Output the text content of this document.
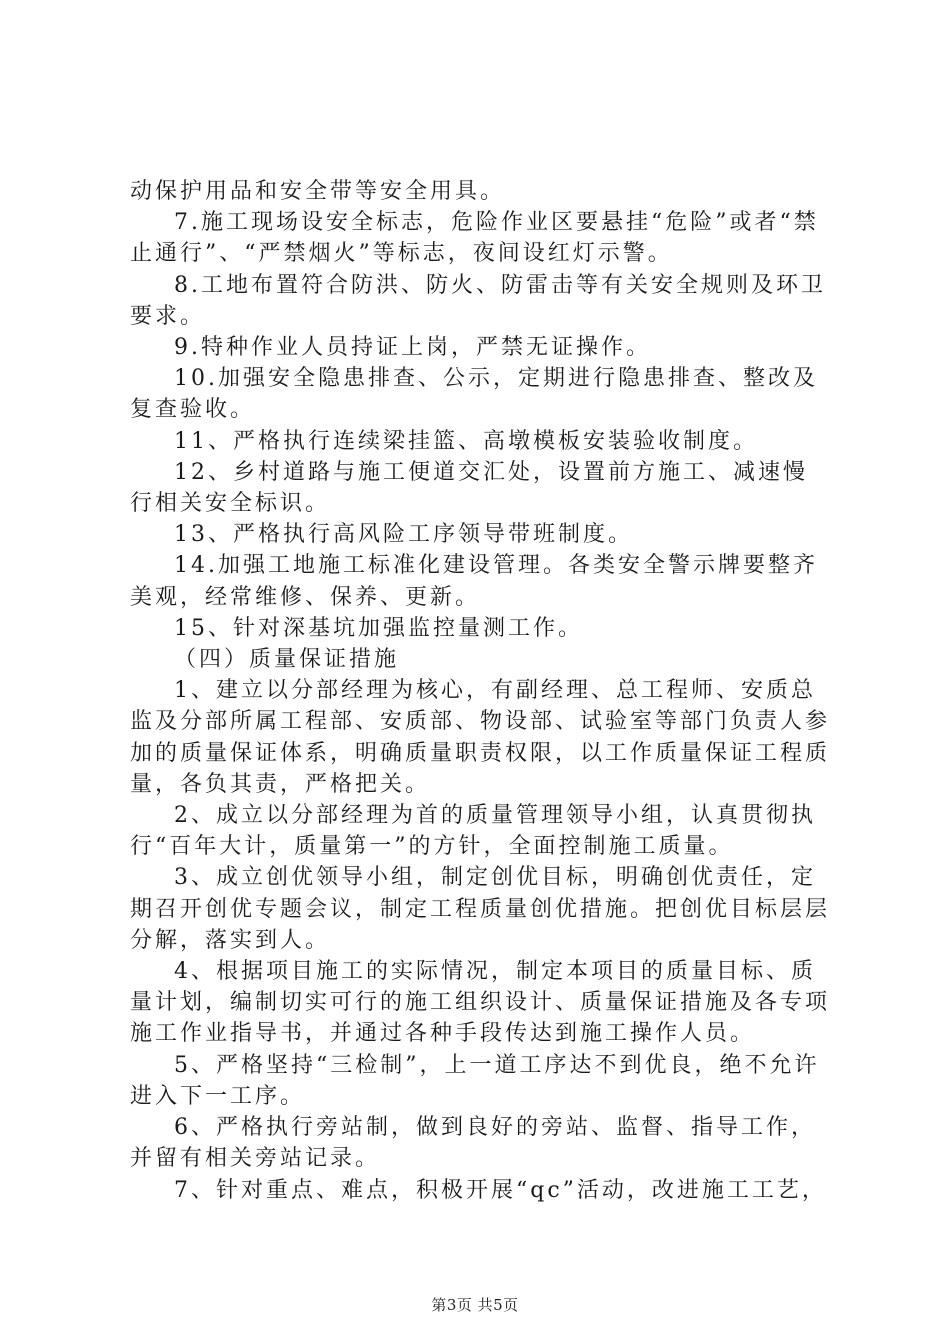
动保护用品和安全带等安全用具。

7.施工现场设安全标志，危险作业区要悬挂“危险”或者“禁止通行”、“严禁烟火”等标志，夜间设红灯示警。

8.工地布置符合防洪、防火、防雷击等有关安全规则及环卫要求。

9.特种作业人员持证上岗，严禁无证操作。

10.加强安全隐患排查、公示，定期进行隐患排查、整改及复查验收。

11、严格执行连续梁挂篮、高墩模板安装验收制度。

12、乡村道路与施工便道交汇处，设置前方施工、减速慢行相关安全标识。

13、严格执行高风险工序领导带班制度。

14.加强工地施工标准化建设管理。各类安全警示牌要整齐美观，经常维修、保养、更新。

15、针对深基坑加强监控量测工作。

（四）质量保证措施

1、建立以分部经理为核心，有副经理、总工程师、安质总监及分部所属工程部、安质部、物设部、试验室等部门负责人参加的质量保证体系，明确质量职责权限，以工作质量保证工程质量，各负其责，严格把关。

2、成立以分部经理为首的质量管理领导小组，认真贯彻执行“百年大计，质量第一”的方针，全面控制施工质量。

3、成立创优领导小组，制定创优目标，明确创优责任，定期召开创优专题会议，制定工程质量创优措施。把创优目标层层分解，落实到人。

4、根据项目施工的实际情况，制定本项目的质量目标、质量计划，编制切实可行的施工组织设计、质量保证措施及各专项施工作业指导书，并通过各种手段传达到施工操作人员。

5、严格坚持“三检制”，上一道工序达不到优良，绝不允许进入下一工序。

6、严格执行旁站制，做到良好的旁站、监督、指导工作，并留有相关旁站记录。

7、针对重点、难点，积极开展“qc”活动，改进施工工艺，

第3页 共5页
